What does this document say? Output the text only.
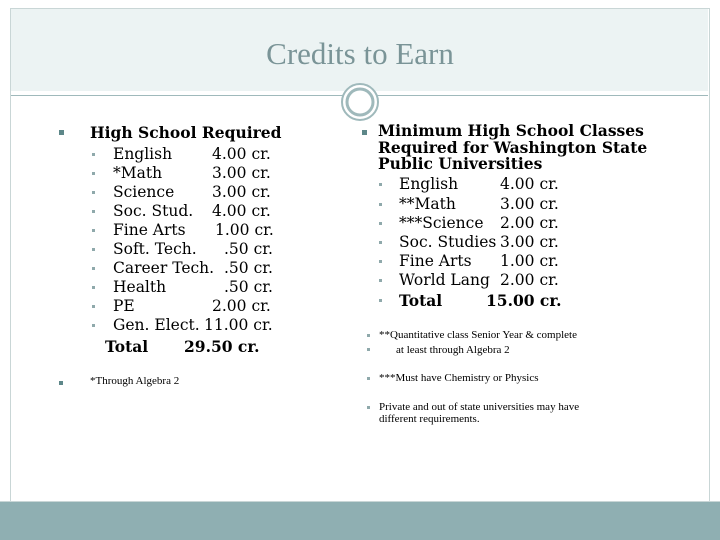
Credits to Earn
High School Required
English	4.00 cr.
*Math	3.00 cr.
Science 3.00 cr.
Soc. Stud. 4.00 cr.
Fine Arts 1.00 cr.
Soft. Tech. .50 cr.
Career Tech. .50 cr.
Health	.50 cr.
PE	2.00 cr.
Gen. Elect. 11.00 cr.
Total 29.50 cr.
*Through Algebra 2
Minimum High School Classes
Required for Washington State
Public Universities
English	4.00 cr.
**Math	3.00 cr.
***Science 2.00 cr.
Soc. Studies 3.00 cr.
Fine Arts 1.00 cr.
World Lang 2.00 cr.
Total	15.00 cr.
**Quantitative class Senior Year & complete
at least through Algebra 2
***Must have Chemistry or Physics
Private and out of state universities may have
different requirements.
